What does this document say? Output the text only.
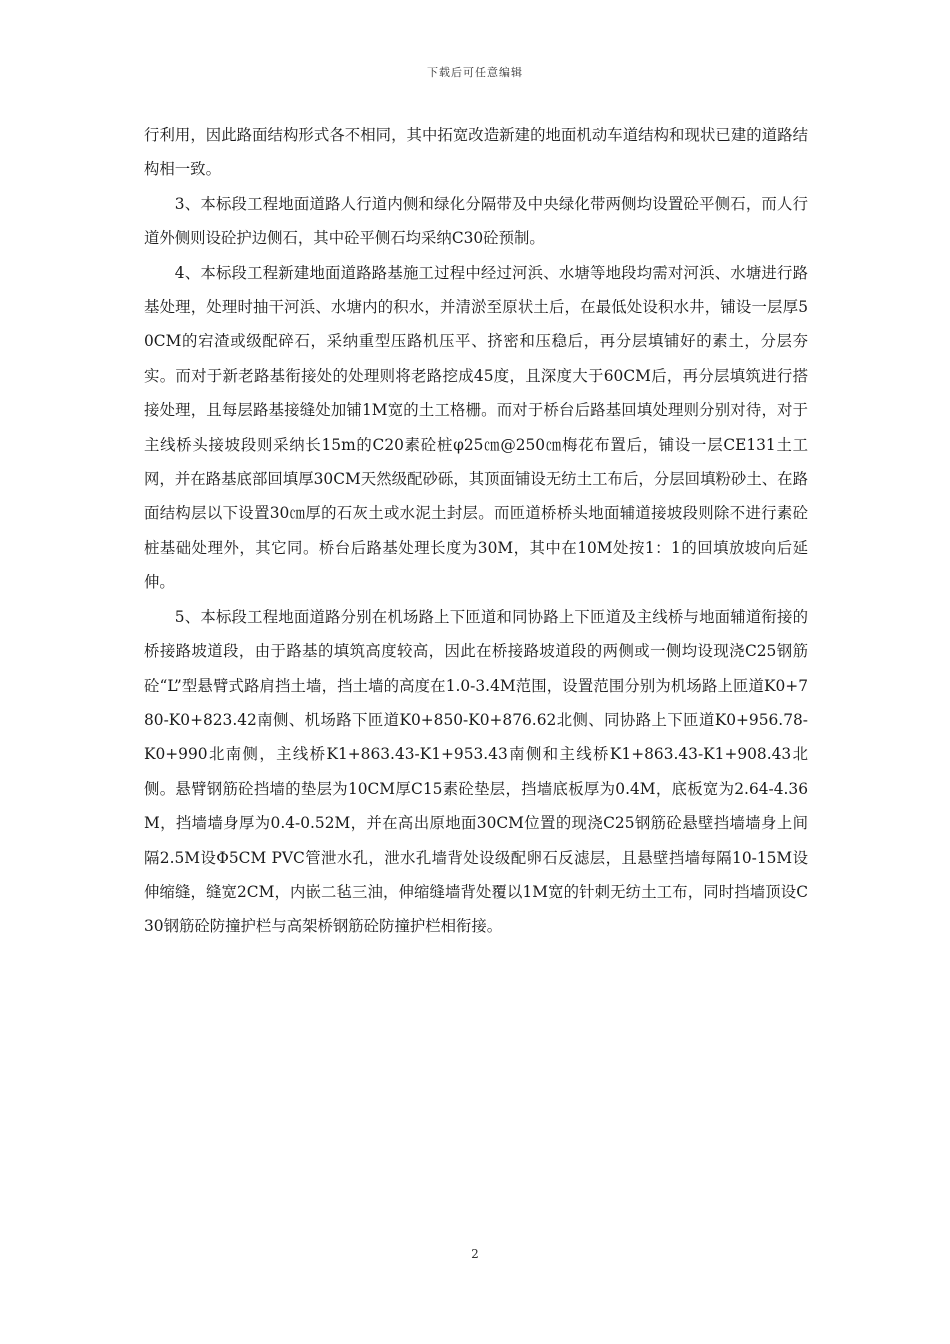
下载后可任意编辑

行利用，因此路面结构形式各不相同，其中拓宽改造新建的地面机动车道结构和现状已建的道路结构相一致。

3、本标段工程地面道路人行道内侧和绿化分隔带及中央绿化带两侧均设置砼平侧石，而人行道外侧则设砼护边侧石，其中砼平侧石均采纳C30砼预制。

4、本标段工程新建地面道路路基施工过程中经过河浜、水塘等地段均需对河浜、水塘进行路基处理，处理时抽干河浜、水塘内的积水，并清淤至原状土后，在最低处设积水井，铺设一层厚50CM的宕渣或级配碎石，采纳重型压路机压平、挤密和压稳后，再分层填铺好的素土，分层夯实。而对于新老路基衔接处的处理则将老路挖成45度，且深度大于60CM后，再分层填筑进行搭接处理，且每层路基接缝处加铺1M宽的土工格栅。而对于桥台后路基回填处理则分别对待，对于主线桥头接坡段则采纳长15m的C20素砼桩φ25㎝@250㎝梅花布置后，铺设一层CE131土工网，并在路基底部回填厚30CM天然级配砂砾，其顶面铺设无纺土工布后，分层回填粉砂土、在路面结构层以下设置30㎝厚的石灰土或水泥土封层。而匝道桥桥头地面辅道接坡段则除不进行素砼桩基础处理外，其它同。桥台后路基处理长度为30M，其中在10M处按1：1的回填放坡向后延伸。

5、本标段工程地面道路分别在机场路上下匝道和同协路上下匝道及主线桥与地面辅道衔接的桥接路坡道段，由于路基的填筑高度较高，因此在桥接路坡道段的两侧或一侧均设现浇C25钢筋砼“L”型悬臂式路肩挡土墙，挡土墙的高度在1.0-3.4M范围，设置范围分别为机场路上匝道K0+780-K0+823.42南侧、机场路下匝道K0+850-K0+876.62北侧、同协路上下匝道K0+956.78-K0+990北南侧，主线桥K1+863.43-K1+953.43南侧和主线桥K1+863.43-K1+908.43北侧。悬臂钢筋砼挡墙的垫层为10CM厚C15素砼垫层，挡墙底板厚为0.4M，底板宽为2.64-4.36M，挡墙墙身厚为0.4-0.52M，并在高出原地面30CM位置的现浇C25钢筋砼悬壁挡墙墙身上间隔2.5M设Φ5CM PVC管泄水孔，泄水孔墙背处设级配卵石反滤层，且悬壁挡墙每隔10-15M设伸缩缝，缝宽2CM，内嵌二毡三油，伸缩缝墙背处覆以1M宽的针刺无纺土工布，同时挡墙顶设C30钢筋砼防撞护栏与高架桥钢筋砼防撞护栏相衔接。

2
